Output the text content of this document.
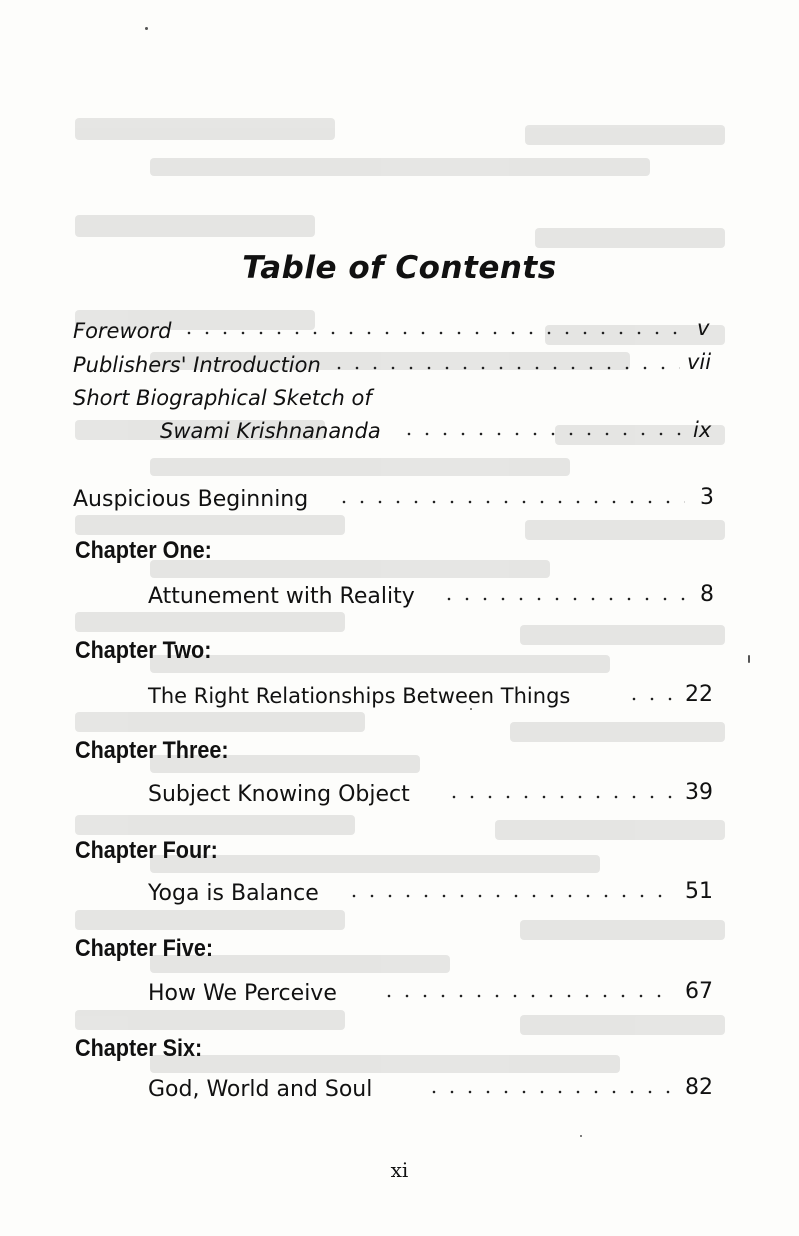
Table of Contents
Foreword	v
Publishers' Introduction	vii
Short Biographical Sketch of
Swami Krishnananda	ix
Auspicious Beginning	3
Chapter One:
Attunement with Reality	8
Chapter Two:
The Right Relationships Between Things	22
Chapter Three:
Subject Knowing Object	39
Chapter Four:
Yoga is Balance	51
Chapter Five:
How We Perceive	67
Chapter Six:
God, World and Soul	82
xi
